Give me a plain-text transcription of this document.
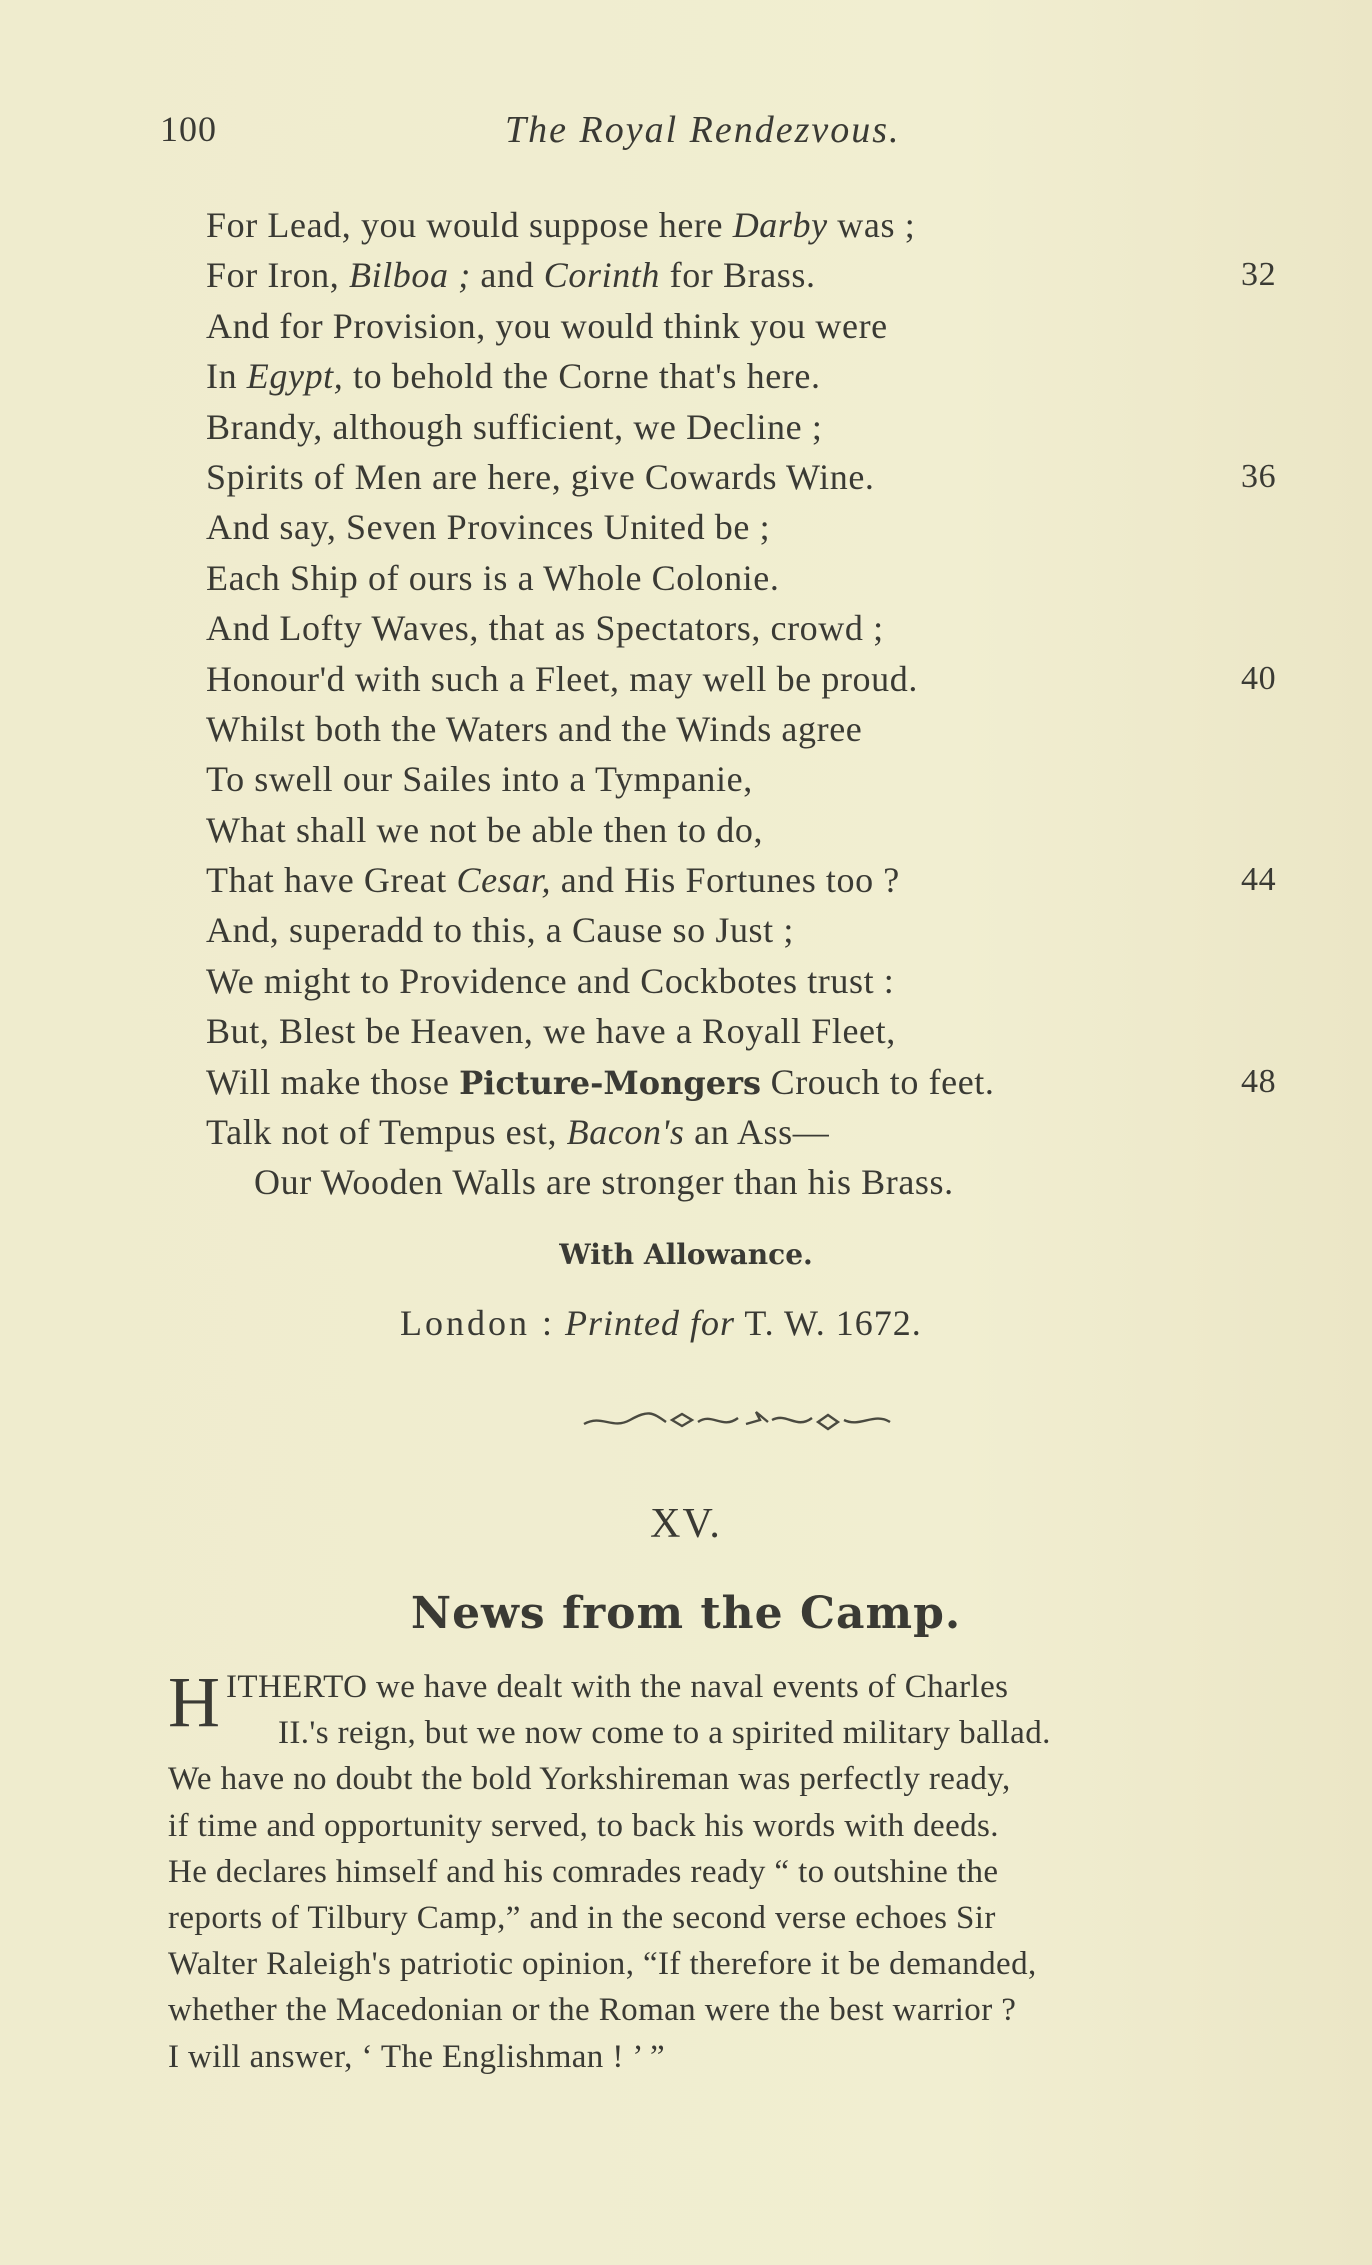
100	The Royal Rendezvous.
For Lead, you would suppose here Darby was ;
For Iron, Bilboa ; and Corinth for Brass.	32
And for Provision, you would think you were
In Egypt, to behold the Corne that's here.
Brandy, although sufficient, we Decline ;
Spirits of Men are here, give Cowards Wine.	36
And say, Seven Provinces United be ;
Each Ship of ours is a Whole Colonie.
And Lofty Waves, that as Spectators, crowd ;
Honour'd with such a Fleet, may well be proud.	40
Whilst both the Waters and the Winds agree
To swell our Sailes into a Tympanie,
What shall we not be able then to do,
That have Great Cesar, and His Fortunes too ?	44
And, superadd to this, a Cause so Just ;
We might to Providence and Cockbotes trust :
But, Blest be Heaven, we have a Royall Fleet,
Will make those Picture-Mongers Crouch to feet.	48
Talk not of Tempus est, Bacon's an Ass—
Our Wooden Walls are stronger than his Brass.
With Allowance.
London : Printed for T. W. 1672.
XV.
News from the Camp.
H ITHERTO we have dealt with the naval events of Charles
II.'s reign, but we now come to a spirited military ballad.
We have no doubt the bold Yorkshireman was perfectly ready,
if time and opportunity served, to back his words with deeds.
He declares himself and his comrades ready “ to outshine the
reports of Tilbury Camp,” and in the second verse echoes Sir
Walter Raleigh's patriotic opinion, “If therefore it be demanded,
whether the Macedonian or the Roman were the best warrior ?
I will answer, ‘ The Englishman ! ’ ”
